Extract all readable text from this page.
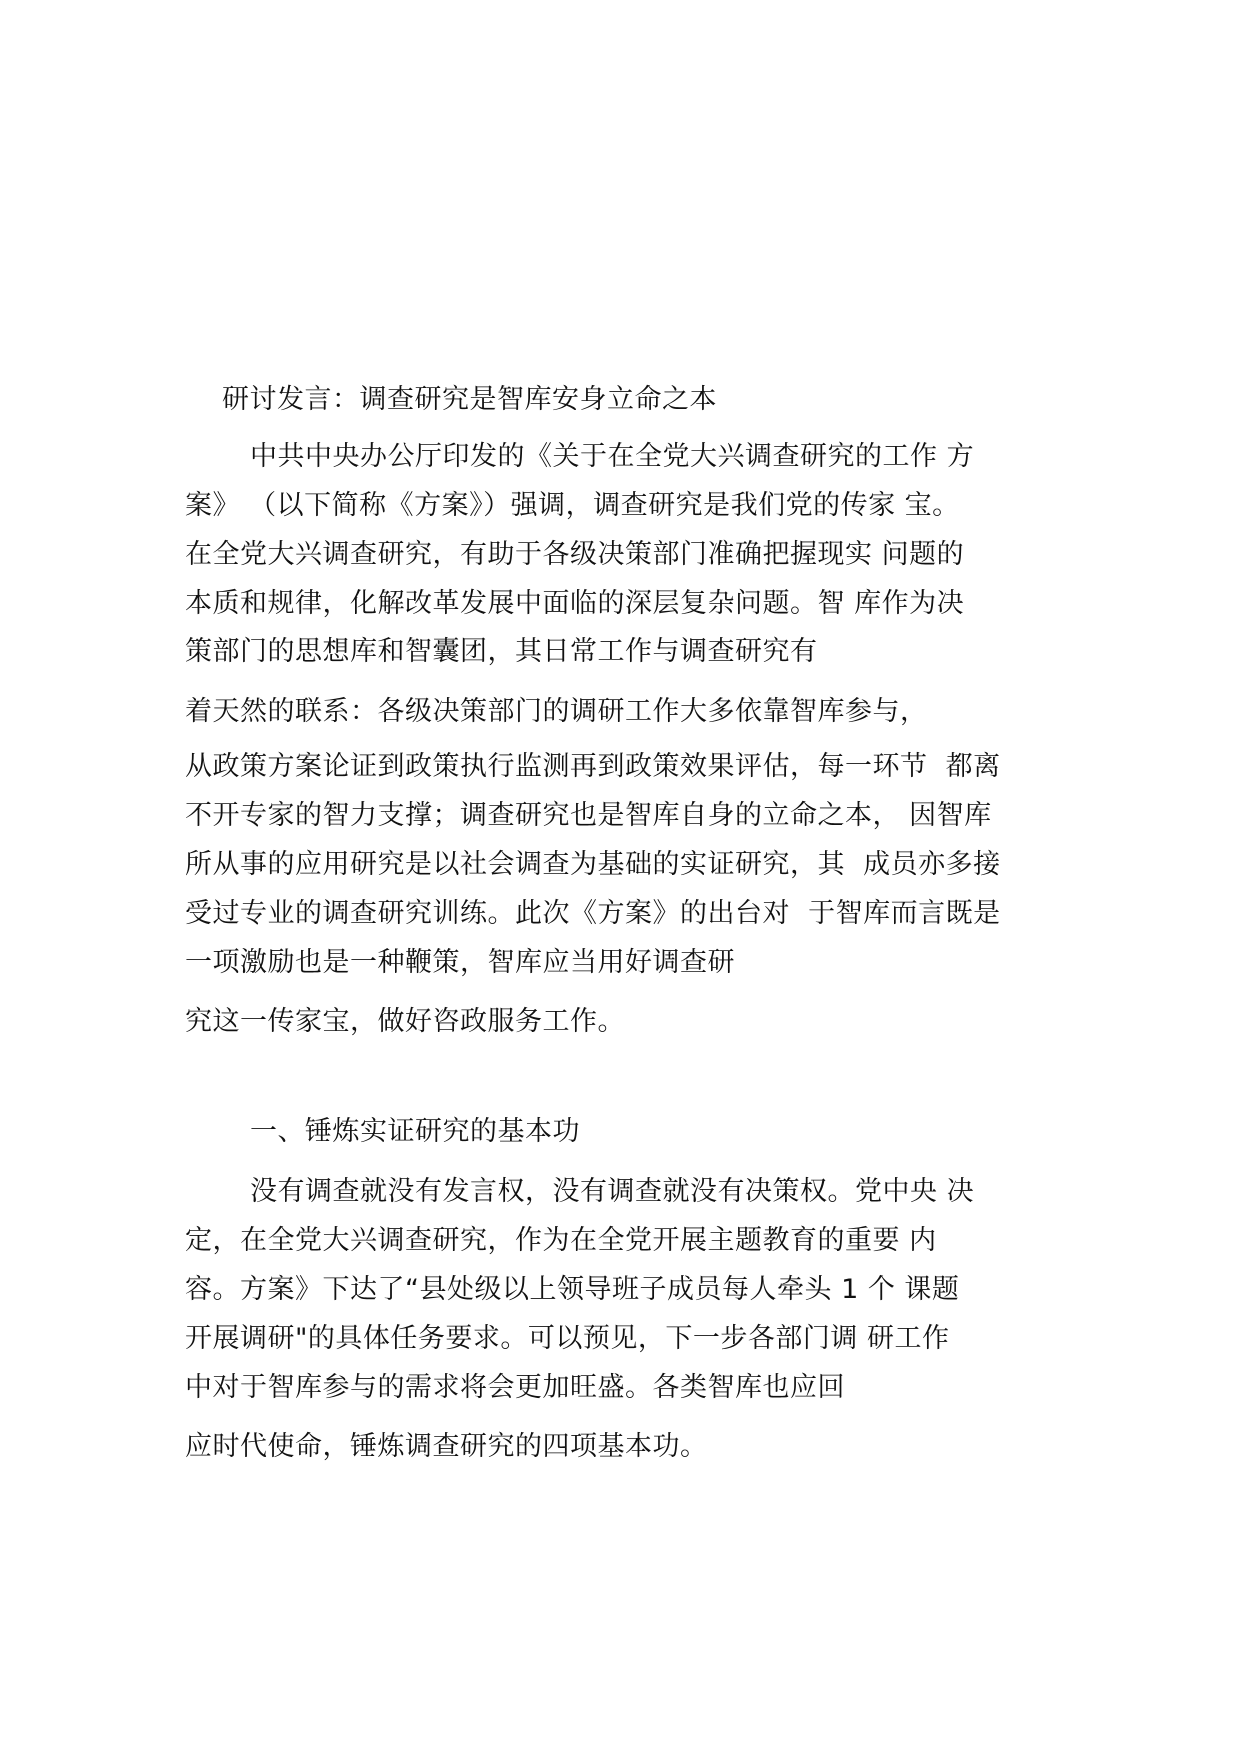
研讨发言：调查研究是智库安身立命之本
中共中央办公厅印发的《关于在全党大兴调查研究的工作 方
案》 （以下简称《方案》）强调，调查研究是我们党的传家 宝。
在全党大兴调查研究，有助于各级决策部门准确把握现实 问题的
本质和规律，化解改革发展中面临的深层复杂问题。智 库作为决
策部门的思想库和智囊团，其日常工作与调查研究有
着天然的联系：各级决策部门的调研工作大多依靠智库参与，
从政策方案论证到政策执行监测再到政策效果评估，每一环节  都离
不开专家的智力支撑；调查研究也是智库自身的立命之本， 因智库
所从事的应用研究是以社会调查为基础的实证研究，其  成员亦多接
受过专业的调查研究训练。此次《方案》的出台对  于智库而言既是
一项激励也是一种鞭策，智库应当用好调查研
究这一传家宝，做好咨政服务工作。
一、锤炼实证研究的基本功
没有调查就没有发言权，没有调查就没有决策权。党中央 决
定，在全党大兴调查研究，作为在全党开展主题教育的重要 内
容。方案》下达了“县处级以上领导班子成员每人牵头 1 个 课题
开展调研"的具体任务要求。可以预见，下一步各部门调 研工作
中对于智库参与的需求将会更加旺盛。各类智库也应回
应时代使命，锤炼调查研究的四项基本功。
